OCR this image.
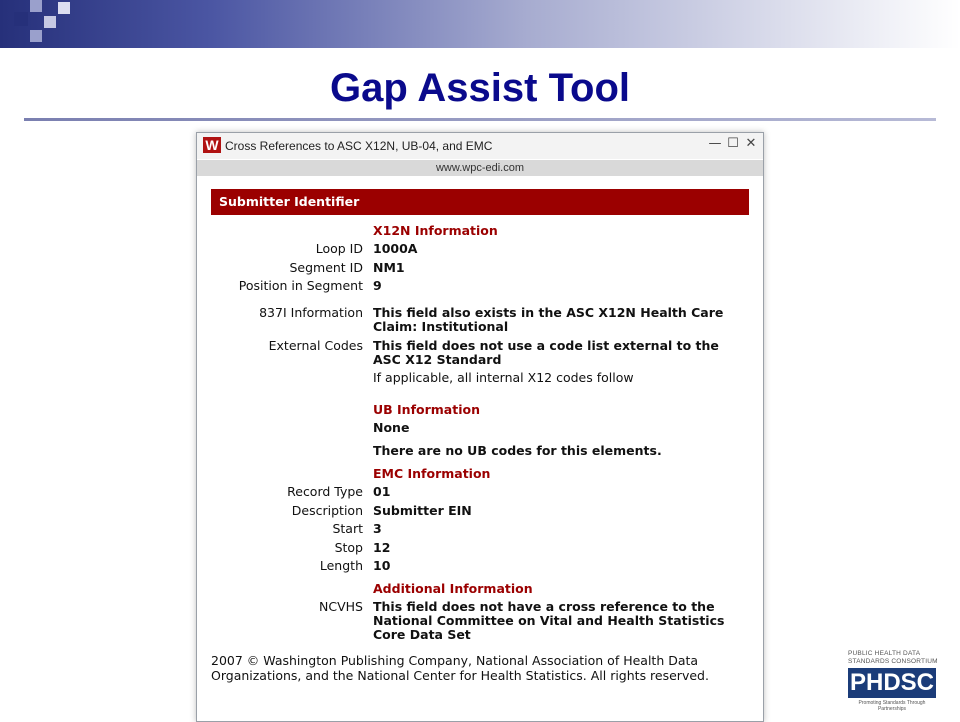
Gap Assist Tool
W Cross References to ASC X12N, UB-04, and EMC	— ☐ ✕
www.wpc-edi.com
Submitter Identifier
X12N Information
Loop ID 1000A
Segment ID NM1
Position in Segment 9
837I Information This field also exists in the ASC X12N Health Care Claim: Institutional
External Codes This field does not use a code list external to the ASC X12 Standard
If applicable, all internal X12 codes follow
UB Information
None
There are no UB codes for this elements.
EMC Information
Record Type 01
Description Submitter EIN
Start 3
Stop 12
Length 10
Additional Information
NCVHS This field does not have a cross reference to the National Committee on Vital and Health Statistics Core Data Set
2007 © Washington Publishing Company, National Association of Health Data Organizations, and the National Center for Health Statistics. All rights reserved.
PUBLIC HEALTH DATA
STANDARDS CONSORTIUM
PHDSC
Promoting Standards Through Partnerships
